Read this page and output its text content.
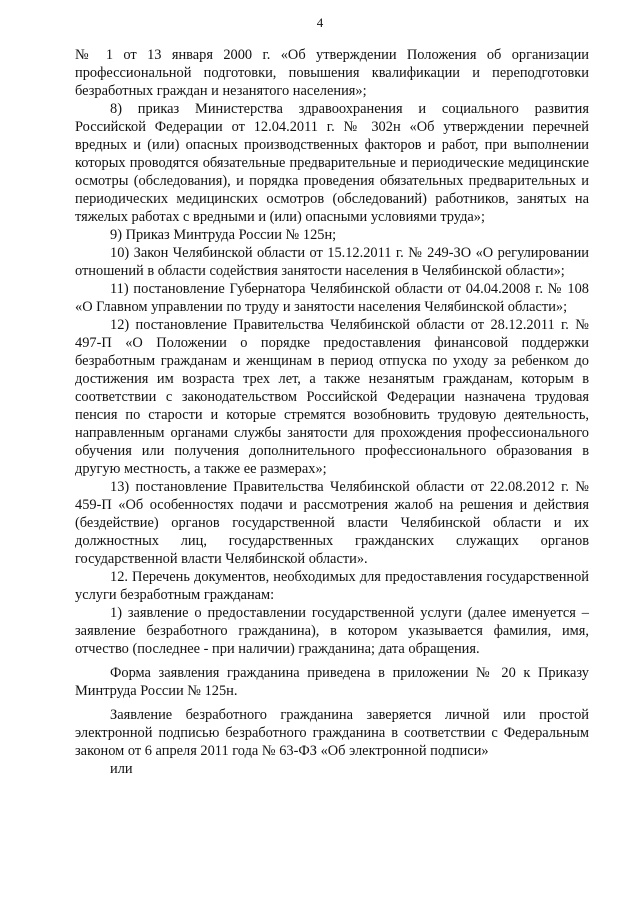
4

№ 1 от 13 января 2000 г. «Об утверждении Положения об организации профессиональной подготовки, повышения квалификации и переподготовки безработных граждан и незанятого населения»;

8) приказ Министерства здравоохранения и социального развития Российской Федерации от 12.04.2011 г. № 302н «Об утверждении перечней вредных и (или) опасных производственных факторов и работ, при выполнении которых проводятся обязательные предварительные и периодические медицинские осмотры (обследования), и порядка проведения обязательных предварительных и периодических медицинских осмотров (обследований) работников, занятых на тяжелых работах с вредными и (или) опасными условиями труда»;

9) Приказ Минтруда России № 125н;

10) Закон Челябинской области от 15.12.2011 г. № 249-ЗО «О регулировании отношений в области содействия занятости населения в Челябинской области»;

11) постановление Губернатора Челябинской области от 04.04.2008 г. № 108 «О Главном управлении по труду и занятости населения Челябинской области»;

12) постановление Правительства Челябинской области от 28.12.2011 г. № 497-П «О Положении о порядке предоставления финансовой поддержки безработным гражданам и женщинам в период отпуска по уходу за ребенком до достижения им возраста трех лет, а также незанятым гражданам, которым в соответствии с законодательством Российской Федерации назначена трудовая пенсия по старости и которые стремятся возобновить трудовую деятельность, направленным органами службы занятости для прохождения профессионального обучения или получения дополнительного профессионального образования в другую местность, а также ее размерах»;

13) постановление Правительства Челябинской области от 22.08.2012 г. № 459-П «Об особенностях подачи и рассмотрения жалоб на решения и действия (бездействие) органов государственной власти Челябинской области и их должностных лиц, государственных гражданских служащих органов государственной власти Челябинской области».

12. Перечень документов, необходимых для предоставления государственной услуги безработным гражданам:

1) заявление о предоставлении государственной услуги (далее именуется – заявление безработного гражданина), в котором указывается фамилия, имя, отчество (последнее - при наличии) гражданина; дата обращения.

Форма заявления гражданина приведена в приложении № 20 к Приказу Минтруда России № 125н.

Заявление безработного гражданина заверяется личной или простой электронной подписью безработного гражданина в соответствии с Федеральным законом от 6 апреля 2011 года № 63-ФЗ «Об электронной подписи»

или
